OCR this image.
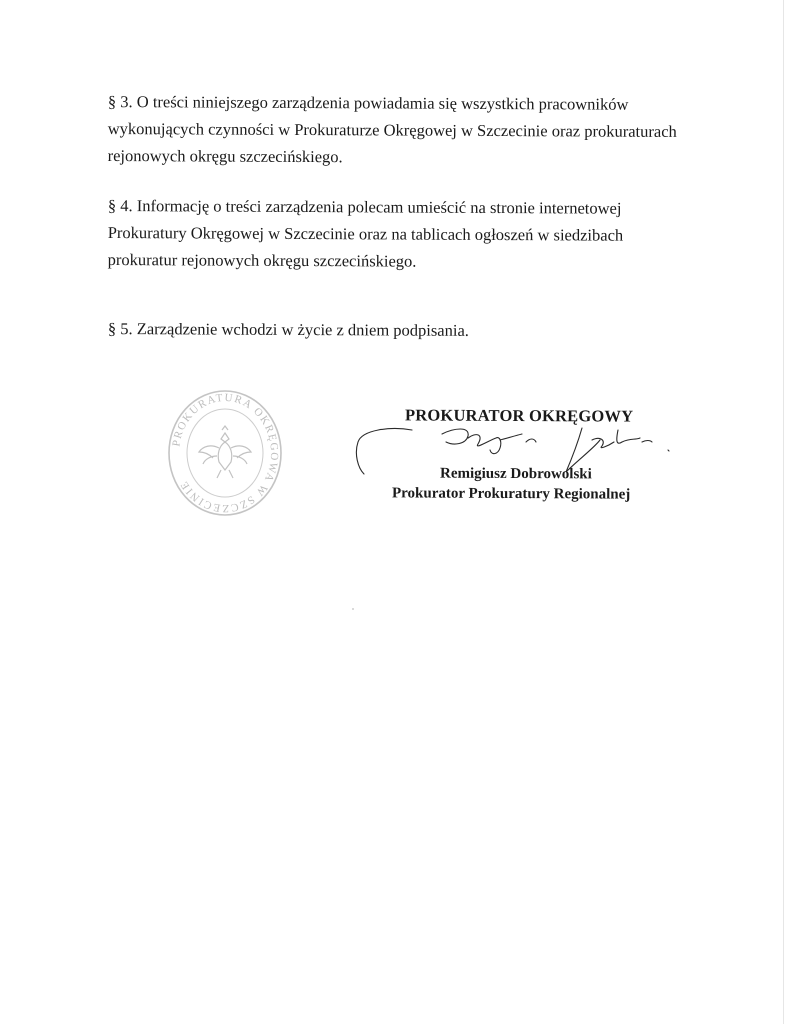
§ 3. O treści niniejszego zarządzenia powiadamia się wszystkich pracowników
wykonujących czynności w Prokuraturze Okręgowej w Szczecinie oraz prokuraturach
rejonowych okręgu szczecińskiego.

§ 4. Informację o treści zarządzenia polecam umieścić na stronie internetowej
Prokuratury Okręgowej w Szczecinie oraz na tablicach ogłoszeń w siedzibach
prokuratur rejonowych okręgu szczecińskiego.

§ 5. Zarządzenie wchodzi w życie z dniem podpisania.

PROKURATURA OKRĘGOWA W SZCZECINIE
PROKURATOR OKRĘGOWY
Remigiusz Dobrowolski
Prokurator Prokuratury Regionalnej
